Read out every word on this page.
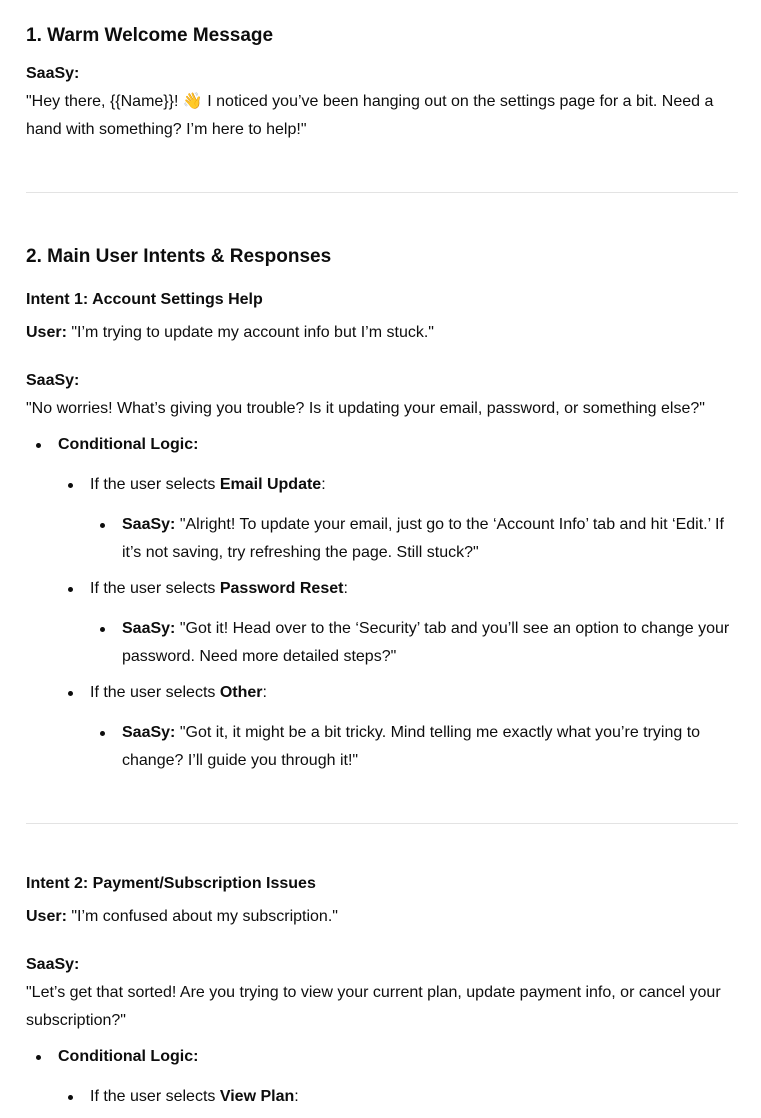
1. Warm Welcome Message

SaaSy:
"Hey there, {{Name}}! 👋 I noticed you’ve been hanging out on the settings page for a bit. Need a hand with something? I’m here to help!"

2. Main User Intents & Responses
Intent 1: Account Settings Help

User: "I’m trying to update my account info but I’m stuck."

SaaSy:
"No worries! What’s giving you trouble? Is it updating your email, password, or something else?"

Conditional Logic:
If the user selects Email Update:
SaaSy: "Alright! To update your email, just go to the ‘Account Info’ tab and hit ‘Edit.’ If it’s not saving, try refreshing the page. Still stuck?"
If the user selects Password Reset:
SaaSy: "Got it! Head over to the ‘Security’ tab and you’ll see an option to change your password. Need more detailed steps?"
If the user selects Other:
SaaSy: "Got it, it might be a bit tricky. Mind telling me exactly what you’re trying to change? I’ll guide you through it!"
Intent 2: Payment/Subscription Issues

User: "I’m confused about my subscription."

SaaSy:
"Let’s get that sorted! Are you trying to view your current plan, update payment info, or cancel your subscription?"

Conditional Logic:
If the user selects View Plan:
